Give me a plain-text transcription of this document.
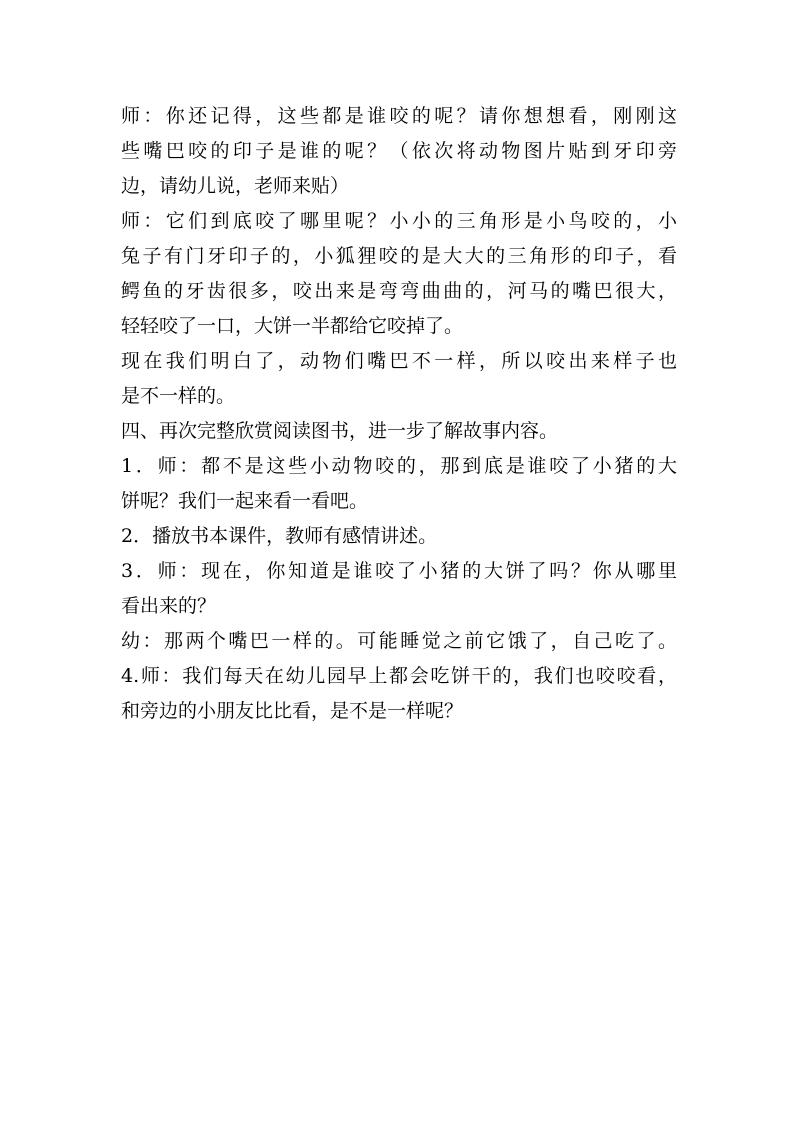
师：你还记得，这些都是谁咬的呢？请你想想看，刚刚这
些嘴巴咬的印子是谁的呢？（依次将动物图片贴到牙印旁
边，请幼儿说，老师来贴）
师：它们到底咬了哪里呢？小小的三角形是小鸟咬的，小
兔子有门牙印子的，小狐狸咬的是大大的三角形的印子，看
鳄鱼的牙齿很多，咬出来是弯弯曲曲的，河马的嘴巴很大，
轻轻咬了一口，大饼一半都给它咬掉了。
现在我们明白了，动物们嘴巴不一样，所以咬出来样子也
是不一样的。
四、再次完整欣赏阅读图书，进一步了解故事内容。
1．师：都不是这些小动物咬的，那到底是谁咬了小猪的大
饼呢？我们一起来看一看吧。
2．播放书本课件，教师有感情讲述。
3．师：现在，你知道是谁咬了小猪的大饼了吗？你从哪里
看出来的？
幼：那两个嘴巴一样的。可能睡觉之前它饿了，自己吃了。
4.师：我们每天在幼儿园早上都会吃饼干的，我们也咬咬看，
和旁边的小朋友比比看，是不是一样呢？
